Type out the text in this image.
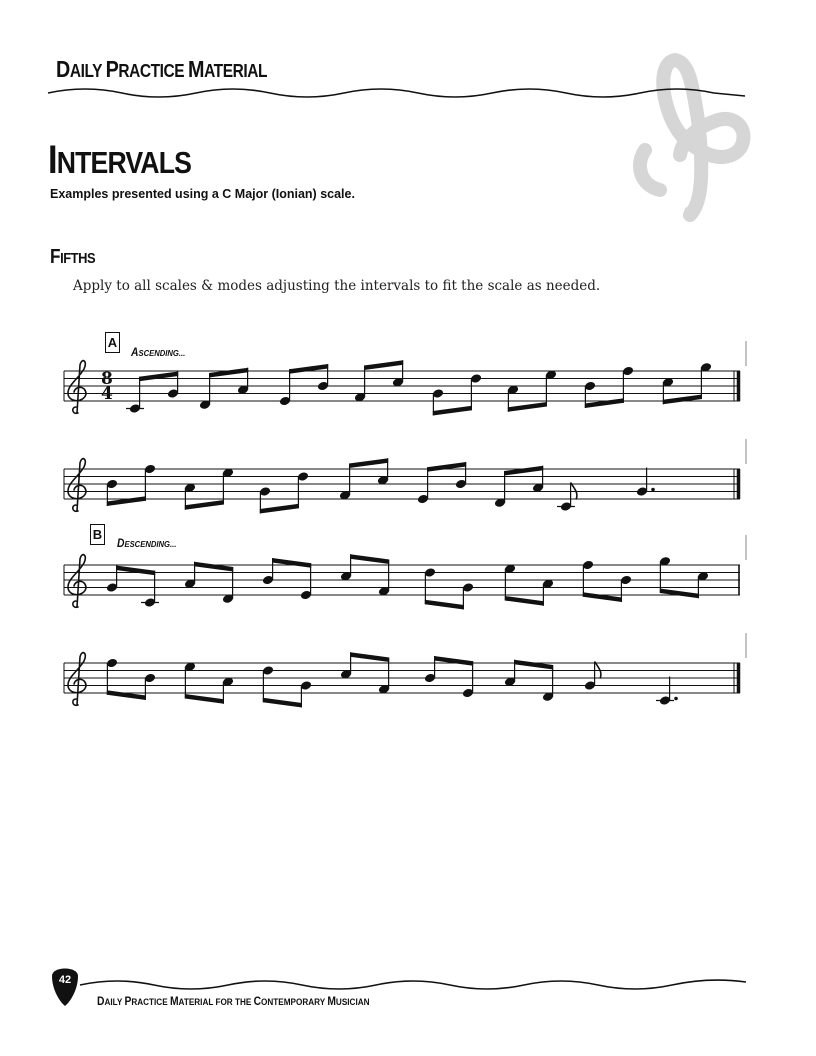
DAILY PRACTICE MATERIAL
INTERVALS
Examples presented using a C Major (Ionian) scale.
FIFTHS
Apply to all scales & modes adjusting the intervals to fit the scale as needed.
A
ASCENDING...
B
DESCENDING...
8
4
42
DAILY PRACTICE MATERIAL FOR THE CONTEMPORARY MUSICIAN
